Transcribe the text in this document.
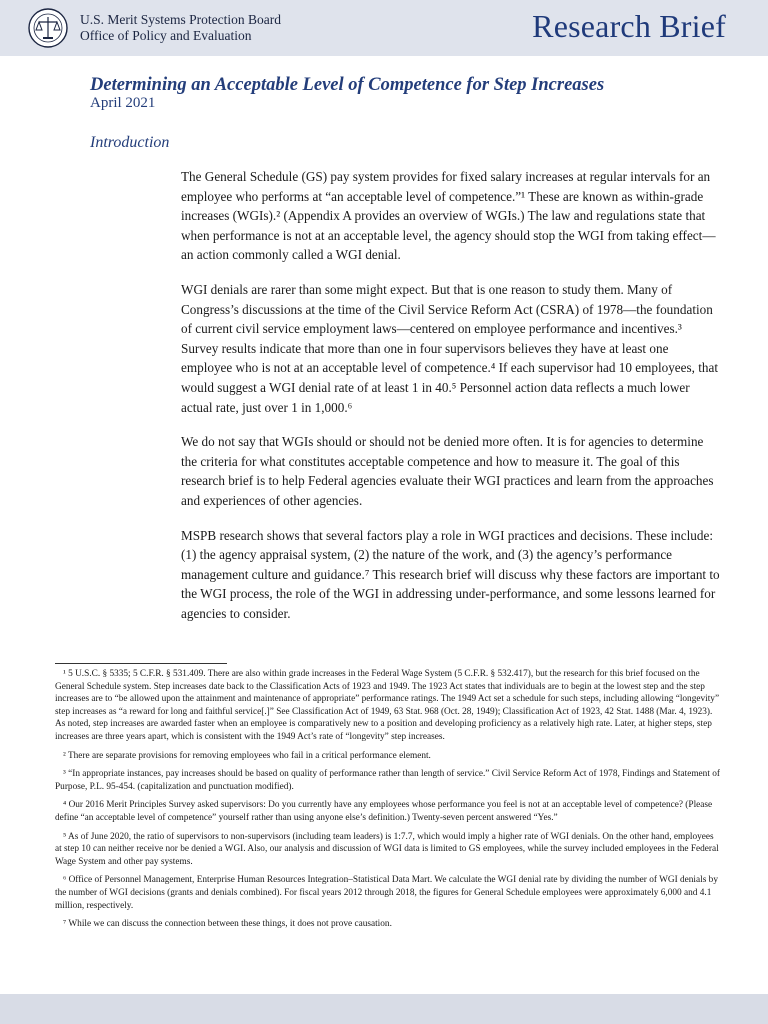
U.S. Merit Systems Protection Board
Office of Policy and Evaluation	Research Brief
Determining an Acceptable Level of Competence for Step Increases
April 2021
Introduction

The General Schedule (GS) pay system provides for fixed salary increases at regular intervals for an employee who performs at “an acceptable level of competence.”¹ These are known as within-grade increases (WGIs).² (Appendix A provides an overview of WGIs.) The law and regulations state that when performance is not at an acceptable level, the agency should stop the WGI from taking effect—an action commonly called a WGI denial.

WGI denials are rarer than some might expect. But that is one reason to study them. Many of Congress’s discussions at the time of the Civil Service Reform Act (CSRA) of 1978—the foundation of current civil service employment laws—centered on employee performance and incentives.³ Survey results indicate that more than one in four supervisors believes they have at least one employee who is not at an acceptable level of competence.⁴ If each supervisor had 10 employees, that would suggest a WGI denial rate of at least 1 in 40.⁵ Personnel action data reflects a much lower actual rate, just over 1 in 1,000.⁶

We do not say that WGIs should or should not be denied more often. It is for agencies to determine the criteria for what constitutes acceptable competence and how to measure it. The goal of this research brief is to help Federal agencies evaluate their WGI practices and learn from the approaches and experiences of other agencies.

MSPB research shows that several factors play a role in WGI practices and decisions. These include: (1) the agency appraisal system, (2) the nature of the work, and (3) the agency’s performance management culture and guidance.⁷ This research brief will discuss why these factors are important to the WGI process, the role of the WGI in addressing under-performance, and some lessons learned for agencies to consider.

¹ 5 U.S.C. § 5335; 5 C.F.R. § 531.409. There are also within grade increases in the Federal Wage System (5 C.F.R. § 532.417), but the research for this brief focused on the General Schedule system. Step increases date back to the Classification Acts of 1923 and 1949. The 1923 Act states that individuals are to begin at the lowest step and the step increases are to “be allowed upon the attainment and maintenance of appropriate” performance ratings. The 1949 Act set a schedule for such steps, including allowing “longevity” step increases as “a reward for long and faithful service[.]” See Classification Act of 1949, 63 Stat. 968 (Oct. 28, 1949); Classification Act of 1923, 42 Stat. 1488 (Mar. 4, 1923). As noted, step increases are awarded faster when an employee is comparatively new to a position and developing proficiency as a relatively high rate. Later, at higher steps, step increases are three years apart, which is consistent with the 1949 Act’s rate of “longevity” step increases.

² There are separate provisions for removing employees who fail in a critical performance element.

³ “In appropriate instances, pay increases should be based on quality of performance rather than length of service.” Civil Service Reform Act of 1978, Findings and Statement of Purpose, P.L. 95-454. (capitalization and punctuation modified).

⁴ Our 2016 Merit Principles Survey asked supervisors: Do you currently have any employees whose performance you feel is not at an acceptable level of competence? (Please define “an acceptable level of competence” yourself rather than using anyone else’s definition.) Twenty-seven percent answered “Yes.”

⁵ As of June 2020, the ratio of supervisors to non-supervisors (including team leaders) is 1:7.7, which would imply a higher rate of WGI denials. On the other hand, employees at step 10 can neither receive nor be denied a WGI. Also, our analysis and discussion of WGI data is limited to GS employees, while the survey included employees in the Federal Wage System and other pay systems.

⁶ Office of Personnel Management, Enterprise Human Resources Integration–Statistical Data Mart. We calculate the WGI denial rate by dividing the number of WGI denials by the number of WGI decisions (grants and denials combined). For fiscal years 2012 through 2018, the figures for General Schedule employees were approximately 6,000 and 4.1 million, respectively.

⁷ While we can discuss the connection between these things, it does not prove causation.
